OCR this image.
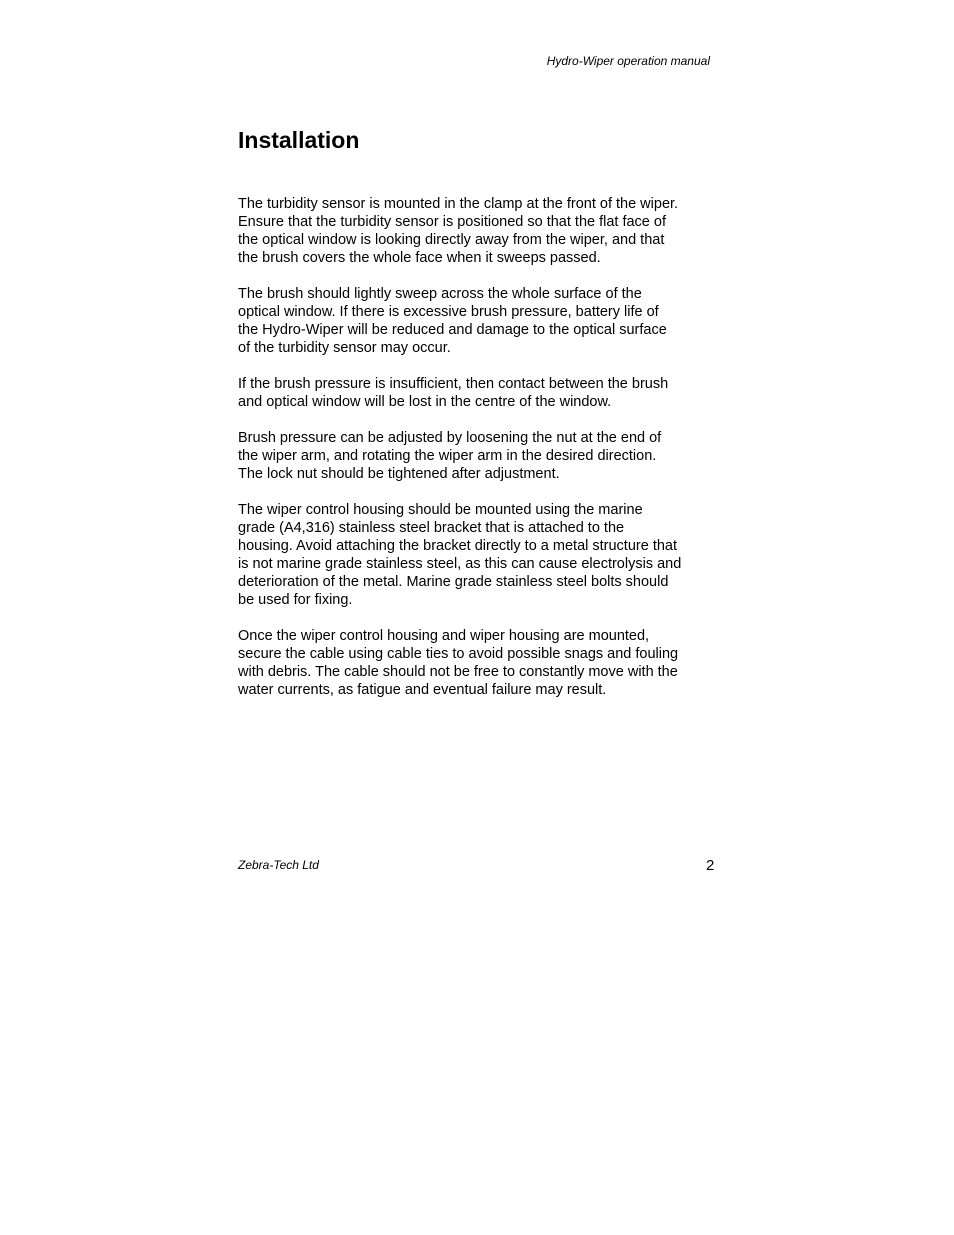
Hydro-Wiper operation manual
Installation

The turbidity sensor is mounted in the clamp at the front of the wiper.
Ensure that the turbidity sensor is positioned so that the flat face of
the optical window is looking directly away from the wiper, and that
the brush covers the whole face when it sweeps passed.

The brush should lightly sweep across the whole surface of the
optical window. If there is excessive brush pressure, battery life of
the Hydro-Wiper will be reduced and damage to the optical surface
of the turbidity sensor may occur.

If the brush pressure is insufficient, then contact between the brush
and optical window will be lost in the centre of the window.

Brush pressure can be adjusted by loosening the nut at the end of
the wiper arm, and rotating the wiper arm in the desired direction.
The lock nut should be tightened after adjustment.

The wiper control housing should be mounted using the marine
grade (A4,316) stainless steel bracket that is attached to the
housing. Avoid attaching the bracket directly to a metal structure that
is not marine grade stainless steel, as this can cause electrolysis and
deterioration of the metal. Marine grade stainless steel bolts should
be used for fixing.

Once the wiper control housing and wiper housing are mounted,
secure the cable using cable ties to avoid possible snags and fouling
with debris. The cable should not be free to constantly move with the
water currents, as fatigue and eventual failure may result.

Zebra-Tech Ltd	2
